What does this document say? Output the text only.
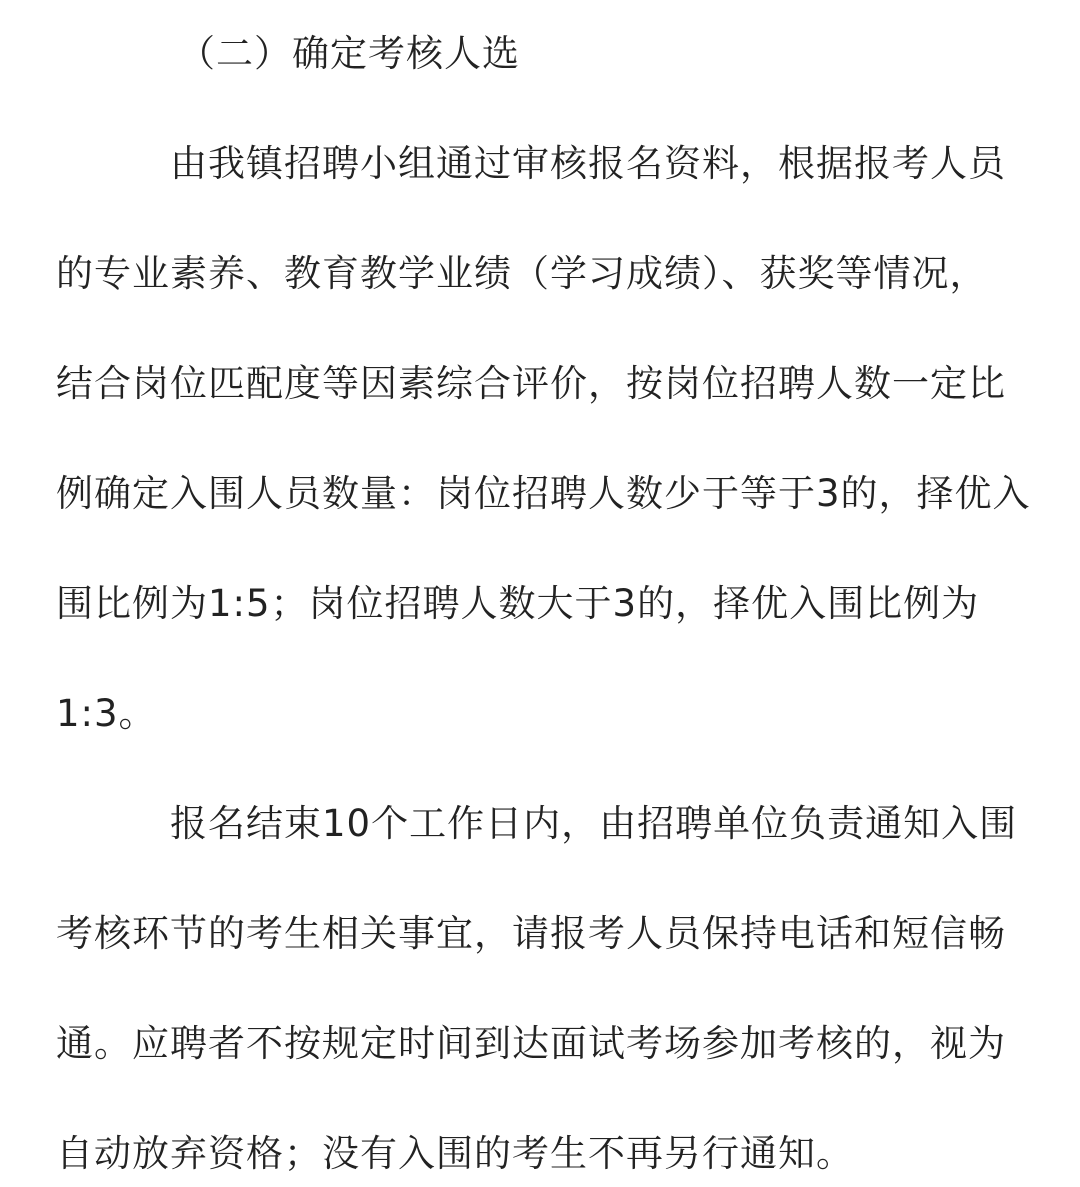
（二）确定考核人选
由我镇招聘小组通过审核报名资料，根据报考人员
的专业素养、教育教学业绩（学习成绩）、获奖等情况，
结合岗位匹配度等因素综合评价，按岗位招聘人数一定比
例确定入围人员数量：岗位招聘人数少于等于3的，择优入
围比例为1:5；岗位招聘人数大于3的，择优入围比例为
1:3。
报名结束10个工作日内，由招聘单位负责通知入围
考核环节的考生相关事宜，请报考人员保持电话和短信畅
通。应聘者不按规定时间到达面试考场参加考核的，视为
自动放弃资格；没有入围的考生不再另行通知。
